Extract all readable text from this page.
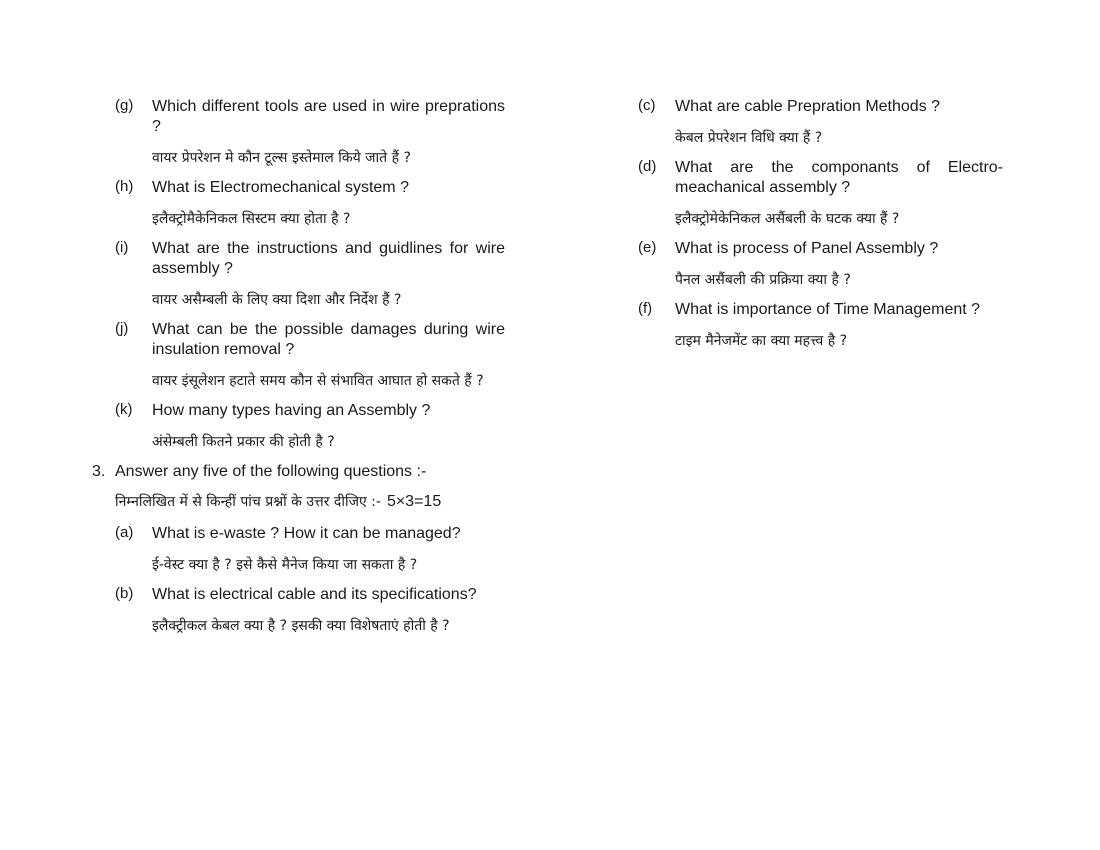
(g)	Which different tools are used in wire preprations ?

वायर प्रेपरेशन मे कौन टूल्स इस्तेमाल किये जाते हैं ?

(h)	What is Electromechanical system ?

इलैक्ट्रोमैकेनिकल सिस्टम क्या होता है ?

(i)	What are the instructions and guidlines for wire assembly ?

वायर असैम्बली के लिए क्या दिशा और निर्देश हैं ?

(j)	What can be the possible damages during wire insulation removal ?

वायर इंसूलेशन हटाते समय कौन से संभावित आघात हो सकते हैं ?

(k)	How many types having an Assembly ?

अंसेम्बली कितने प्रकार की होती है ?

3. Answer any five of the following questions :-

निम्नलिखित में से किन्हीं पांच प्रश्नों के उत्तर दीजिए :- 5×3=15
(a)	What is e-waste ? How it can be managed?

ई-वेस्ट क्या है ? इसे कैसे मैनेज किया जा सकता है ?

(b)	What is electrical cable and its specifications?

इलैक्ट्रीकल केबल क्या है ? इसकी क्या विशेषताएं होती है ?

(c)	What are cable Prepration Methods ?

केबल प्रेपरेशन विधि क्या हैं ?

(d)	What are the componants of Electro-meachanical assembly ?

इलैक्ट्रोमेकेनिकल असैंबली के घटक क्या हैं ?

(e)	What is process of Panel Assembly ?

पैनल असैंबली की प्रक्रिया क्या है ?

(f)	What is importance of Time Management ?

टाइम मैनेजमेंट का क्या महत्त्व है ?
